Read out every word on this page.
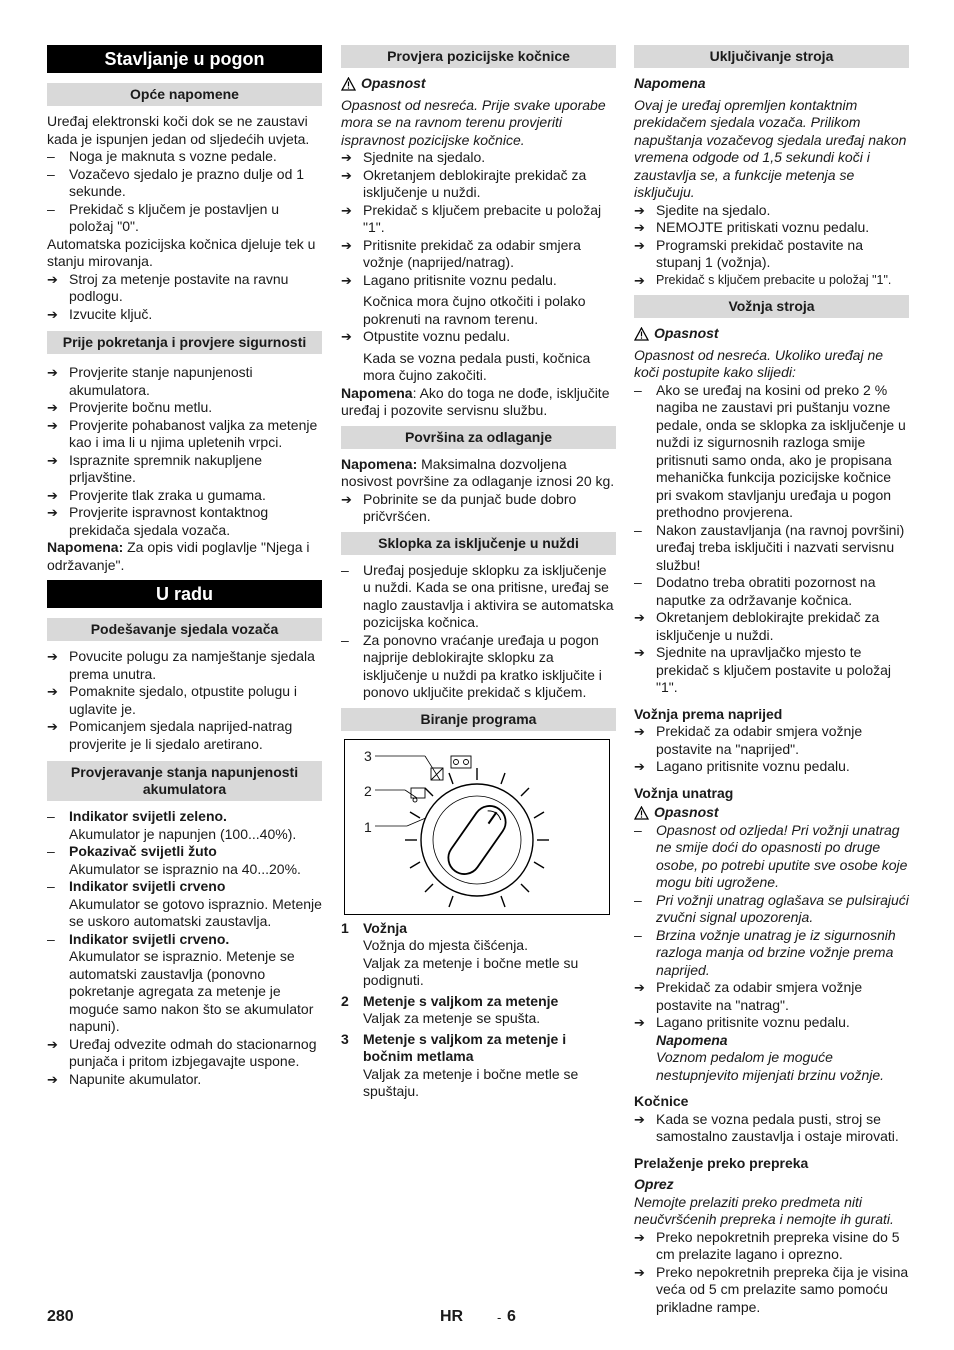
Stavljanje u pogon
Opće napomene

Uređaj elektronski koči dok se ne zaustavi kada je ispunjen jedan od sljedećih uvjeta.

–	Noga je maknuta s vozne pedale.
–	Vozačevo sjedalo je prazno dulje od 1 sekunde.
–	Prekidač s ključem je postavljen u položaj "0".

Automatska pozicijska kočnica djeluje tek u stanju mirovanja.

➔ Stroj za metenje postavite na ravnu podlogu.
➔ Izvucite ključ.
Prije pokretanja i provjere sigurnosti
➔ Provjerite stanje napunjenosti akumulatora.
➔ Provjerite bočnu metlu.
➔ Provjerite pohabanost valjka za metenje kao i ima li u njima upletenih vrpci.
➔ Ispraznite spremnik nakupljene prljavštine.
➔ Provjerite tlak zraka u gumama.
➔ Provjerite ispravnost kontaktnog prekidača sjedala vozača.

Napomena: Za opis vidi poglavlje "Njega i održavanje".

U radu
Podešavanje sjedala vozača
➔ Povucite polugu za namještanje sjedala prema unutra.
➔ Pomaknite sjedalo, otpustite polugu i uglavite je.
➔ Pomicanjem sjedala naprijed-natrag provjerite je li sjedalo aretirano.
Provjeravanje stanja napunjenosti akumulatora
–	Indikator svijetli zeleno.
Akumulator je napunjen (100...40%).
–	Pokazivač svijetli žuto
Akumulator se ispraznio na 40...20%.
–	Indikator svijetli crveno
Akumulator se gotovo ispraznio. Metenje se uskoro automatski zaustavlja.
–	Indikator svijetli crveno.
Akumulator se ispraznio. Metenje se automatski zaustavlja (ponovno pokretanje agregata za metenje je moguće samo nakon što se akumulator napuni).
➔ Uređaj odvezite odmah do stacionarnog punjača i pritom izbjegavajte uspone.
➔ Napunite akumulator.
Provjera pozicijske kočnice
Opasnost

Opasnost od nesreća. Prije svake uporabe mora se na ravnom terenu provjeriti ispravnost pozicijske kočnice.

➔ Sjednite na sjedalo.
➔ Okretanjem deblokirajte prekidač za isključenje u nuždi.
➔ Prekidač s ključem prebacite u položaj "1".
➔ Pritisnite prekidač za odabir smjera vožnje (naprijed/natrag).
➔ Lagano pritisnite voznu pedalu.

Kočnica mora čujno otkočiti i polako pokrenuti na ravnom terenu.

➔ Otpustite voznu pedalu.

Kada se vozna pedala pusti, kočnica mora čujno zakočiti.

Napomena: Ako do toga ne dođe, isključite uređaj i pozovite servisnu službu.

Površina za odlaganje

Napomena: Maksimalna dozvoljena nosivost površine za odlaganje iznosi 20 kg.

➔ Pobrinite se da punjač bude dobro pričvršćen.
Sklopka za isključenje u nuždi
–	Uređaj posjeduje sklopku za isključenje u nuždi. Kada se ona pritisne, uređaj se naglo zaustavlja i aktivira se automatska pozicijska kočnica.
–	Za ponovno vraćanje uređaja u pogon najprije deblokirajte sklopku za isključenje u nuždi pa kratko isključite i ponovo uključite prekidač s ključem.
Biranje programa
3
2
1
1	Vožnja
Vožnja do mjesta čišćenja.
Valjak za metenje i bočne metle su podignuti.
2	Metenje s valjkom za metenje
Valjak za metenje se spušta.
3	Metenje s valjkom za metenje i bočnim metlama
Valjak za metenje i bočne metle se spuštaju.
Uključivanje stroja

Napomena

Ovaj je uređaj opremljen kontaktnim prekidačem sjedala vozača. Prilikom napuštanja vozačevog sjedala uređaj nakon vremena odgode od 1,5 sekundi koči i zaustavlja se, a funkcije metenja se isključuju.

➔ Sjedite na sjedalo.
➔ NEMOJTE pritiskati voznu pedalu.
➔ Programski prekidač postavite na stupanj 1 (vožnja).
➔ Prekidač s ključem prebacite u položaj "1".
Vožnja stroja
Opasnost

Opasnost od nesreća. Ukoliko uređaj ne koči postupite kako slijedi:

–	Ako se uređaj na kosini od preko 2 % nagiba ne zaustavi pri puštanju vozne pedale, onda se sklopka za isključenje u nuždi iz sigurnosnih razloga smije pritisnuti samo onda, ako je propisana mehanička funkcija pozicijske kočnice pri svakom stavljanju uređaja u pogon prethodno provjerena.
–	Nakon zaustavljanja (na ravnoj površini) uređaj treba isključiti i nazvati servisnu službu!
–	Dodatno treba obratiti pozornost na naputke za održavanje kočnica.
➔ Okretanjem deblokirajte prekidač za isključenje u nuždi.
➔ Sjednite na upravljačko mjesto te prekidač s ključem postavite u položaj "1".

Vožnja prema naprijed

➔ Prekidač za odabir smjera vožnje postavite na "naprijed".
➔ Lagano pritisnite voznu pedalu.

Vožnja unatrag

Opasnost
–	Opasnost od ozljeda! Pri vožnji unatrag ne smije doći do opasnosti po druge osobe, po potrebi uputite sve osobe koje mogu biti ugrožene.
–	Pri vožnji unatrag oglašava se pulsirajući zvučni signal upozorenja.
–	Brzina vožnje unatrag je iz sigurnosnih razloga manja od brzine vožnje prema naprijed.
➔ Prekidač za odabir smjera vožnje postavite na "natrag".
➔ Lagano pritisnite voznu pedalu.

Napomena

Voznom pedalom je moguće nestupnjevito mijenjati brzinu vožnje.

Kočnice

➔ Kada se vozna pedala pusti, stroj se samostalno zaustavlja i ostaje mirovati.

Prelaženje preko prepreka

Oprez

Nemojte prelaziti preko predmeta niti neučvršćenih prepreka i nemojte ih gurati.

➔ Preko nepokretnih prepreka visine do 5 cm prelazite lagano i oprezno.
➔ Preko nepokretnih prepreka čija je visina veća od 5 cm prelazite samo pomoću prikladne rampe.
280	HR	- 6
